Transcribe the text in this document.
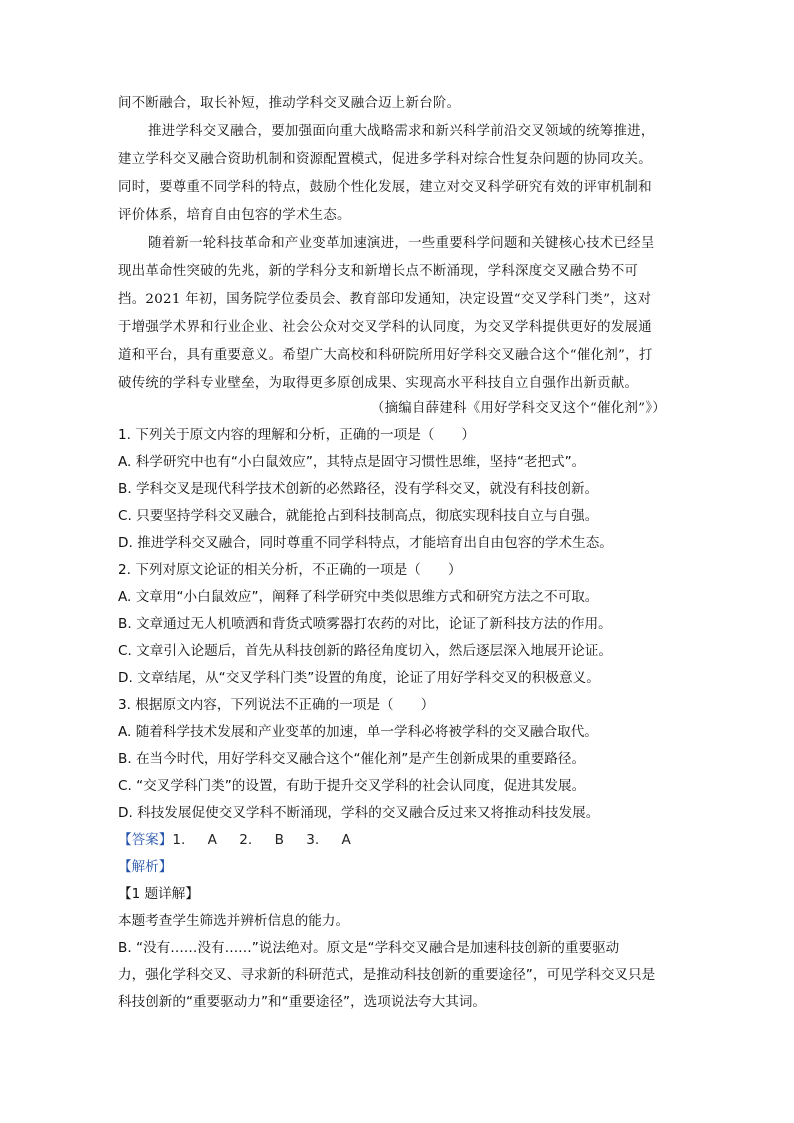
间不断融合，取长补短，推动学科交叉融合迈上新台阶。
推进学科交叉融合，要加强面向重大战略需求和新兴科学前沿交叉领域的统筹推进，
建立学科交叉融合资助机制和资源配置模式，促进多学科对综合性复杂问题的协同攻关。
同时，要尊重不同学科的特点，鼓励个性化发展，建立对交叉科学研究有效的评审机制和
评价体系，培育自由包容的学术生态。
随着新一轮科技革命和产业变革加速演进，一些重要科学问题和关键核心技术已经呈
现出革命性突破的先兆，新的学科分支和新增长点不断涌现，学科深度交叉融合势不可
挡。2021 年初，国务院学位委员会、教育部印发通知，决定设置“交叉学科门类”，这对
于增强学术界和行业企业、社会公众对交叉学科的认同度，为交叉学科提供更好的发展通
道和平台，具有重要意义。希望广大高校和科研院所用好学科交叉融合这个“催化剂”，打
破传统的学科专业壁垒，为取得更多原创成果、实现高水平科技自立自强作出新贡献。
（摘编自薛建科《用好学科交叉这个“催化剂”》）
1. 下列关于原文内容的理解和分析，正确的一项是（　　）
A. 科学研究中也有“小白鼠效应”，其特点是固守习惯性思维，坚持“老把式”。
B. 学科交叉是现代科学技术创新的必然路径，没有学科交叉，就没有科技创新。
C. 只要坚持学科交叉融合，就能抢占到科技制高点，彻底实现科技自立与自强。
D. 推进学科交叉融合，同时尊重不同学科特点，才能培育出自由包容的学术生态。
2. 下列对原文论证的相关分析，不正确的一项是（　　）
A. 文章用“小白鼠效应”，阐释了科学研究中类似思维方式和研究方法之不可取。
B. 文章通过无人机喷洒和背货式喷雾器打农药的对比，论证了新科技方法的作用。
C. 文章引入论题后，首先从科技创新的路径角度切入，然后逐层深入地展开论证。
D. 文章结尾，从“交叉学科门类”设置的角度，论证了用好学科交叉的积极意义。
3. 根据原文内容，下列说法不正确的一项是（　　）
A. 随着科学技术发展和产业变革的加速，单一学科必将被学科的交叉融合取代。
B. 在当今时代，用好学科交叉融合这个“催化剂”是产生创新成果的重要路径。
C. “交叉学科门类”的设置，有助于提升交叉学科的社会认同度，促进其发展。
D. 科技发展促使交叉学科不断涌现，学科的交叉融合反过来又将推动科技发展。
【答案】1. A 2. B 3. A
【解析】
【1 题详解】
本题考查学生筛选并辨析信息的能力。
B. “没有……没有……”说法绝对。原文是“学科交叉融合是加速科技创新的重要驱动
力，强化学科交叉、寻求新的科研范式，是推动科技创新的重要途径”，可见学科交叉只是
科技创新的“重要驱动力”和“重要途径”，选项说法夸大其词。
